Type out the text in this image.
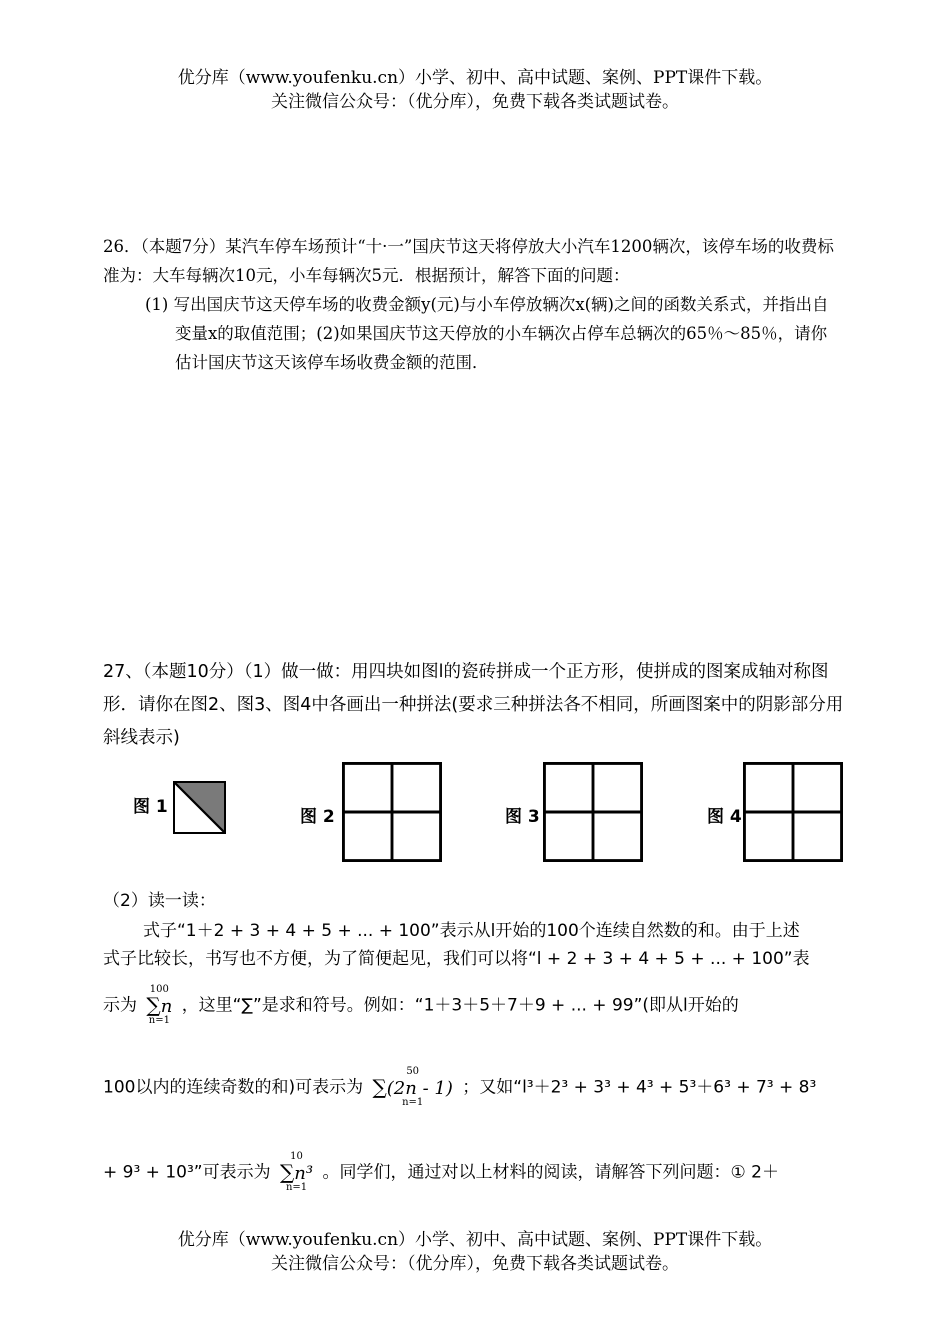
优分库（www.youfenku.cn）小学、初中、高中试题、案例、PPT课件下载。
关注微信公众号：（优分库），免费下载各类试题试卷。
26．（本题7分）某汽车停车场预计“十·一”国庆节这天将停放大小汽车1200辆次，该停车场的收费标准为：大车每辆次10元，小车每辆次5元．根据预计，解答下面的问题：
(1) 写出国庆节这天停车场的收费金额y(元)与小车停放辆次x(辆)之间的函数关系式，并指出自变量x的取值范围；(2)如果国庆节这天停放的小车辆次占停车总辆次的65％～85％，请你估计国庆节这天该停车场收费金额的范围．
27、（本题10分）（1）做一做：用四块如图l的瓷砖拼成一个正方形，使拼成的图案成轴对称图形．请你在图2、图3、图4中各画出一种拼法(要求三种拼法各不相同，所画图案中的阴影部分用斜线表示)
图 1	图 2	图 3	图 4
（2）读一读：
式子“1＋2 + 3 + 4 + 5 + ... + 100”表示从l开始的100个连续自然数的和。由于上述
式子比较长，书写也不方便，为了简便起见，我们可以将“l + 2 + 3 + 4 + 5 + ... + 100”表
示为
100
∑n
n=1
，这里“∑”是求和符号。例如：“1＋3＋5＋7＋9 + ... + 99”(即从l开始的
100以内的连续奇数的和)可表示为
50
∑(2n - 1)
n=1
；又如“l³＋2³ + 3³ + 4³ + 5³＋6³ + 7³ + 8³
+ 9³ + 10³”可表示为
10
∑n³
n=1
。同学们，通过对以上材料的阅读，请解答下列问题：① 2＋
优分库（www.youfenku.cn）小学、初中、高中试题、案例、PPT课件下载。
关注微信公众号：（优分库），免费下载各类试题试卷。
